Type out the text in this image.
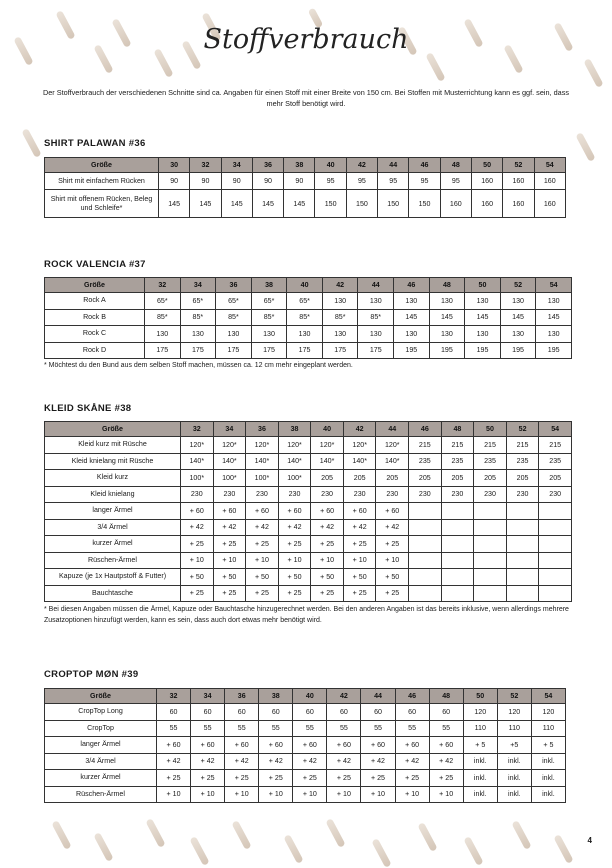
Stoffverbrauch
Der Stoffverbrauch der verschiedenen Schnitte sind ca. Angaben für einen Stoff mit einer Breite von 150 cm. Bei Stoffen mit Musterrichtung kann es ggf. sein, dass mehr Stoff benötigt wird.
SHIRT PALAWAN #36
Größe	30	32	34	36	38	40	42	44	46	48	50	52	54
Shirt mit einfachem Rücken	90	90	90	90	90	95	95	95	95	95	160	160	160
Shirt mit offenem Rücken, Beleg und Schleife*	145	145	145	145	145	150	150	150	150	160	160	160	160
ROCK VALENCIA #37
Größe	32	34	36	38	40	42	44	46	48	50	52	54
Rock A	65*	65*	65*	65*	65*	130	130	130	130	130	130	130
Rock B	85*	85*	85*	85*	85*	85*	85*	145	145	145	145	145
Rock C	130	130	130	130	130	130	130	130	130	130	130	130
Rock D	175	175	175	175	175	175	175	195	195	195	195	195
* Möchtest du den Bund aus dem selben Stoff machen, müssen ca. 12 cm mehr eingeplant werden.
KLEID SKÅNE #38
Größe	32	34	36	38	40	42	44	46	48	50	52	54
Kleid kurz mit Rüsche	120*	120*	120*	120*	120*	120*	120*	215	215	215	215	215
Kleid knielang mit Rüsche	140*	140*	140*	140*	140*	140*	140*	235	235	235	235	235
Kleid kurz	100*	100*	100*	100*	205	205	205	205	205	205	205	205
Kleid knielang	230	230	230	230	230	230	230	230	230	230	230	230
langer Ärmel	+ 60	+ 60	+ 60	+ 60	+ 60	+ 60	+ 60					
3/4 Ärmel	+ 42	+ 42	+ 42	+ 42	+ 42	+ 42	+ 42					
kurzer Ärmel	+ 25	+ 25	+ 25	+ 25	+ 25	+ 25	+ 25					
Rüschen-Ärmel	+ 10	+ 10	+ 10	+ 10	+ 10	+ 10	+ 10					
Kapuze (je 1x Hautpstoff & Futter)	+ 50	+ 50	+ 50	+ 50	+ 50	+ 50	+ 50					
Bauchtasche	+ 25	+ 25	+ 25	+ 25	+ 25	+ 25	+ 25					
* Bei diesen Angaben müssen die Ärmel, Kapuze oder Bauchtasche hinzugerechnet werden. Bei den anderen Angaben ist das bereits inklusive, wenn allerdings mehrere Zusatzoptionen hinzufügt werden, kann es sein, dass auch dort etwas mehr benötigt wird.
CROPTOP MØN #39
Größe	32	34	36	38	40	42	44	46	48	50	52	54
CropTop Long	60	60	60	60	60	60	60	60	60	120	120	120
CropTop	55	55	55	55	55	55	55	55	55	110	110	110
langer Ärmel	+ 60	+ 60	+ 60	+ 60	+ 60	+ 60	+ 60	+ 60	+ 60	+ 5	+5	+ 5
3/4 Ärmel	+ 42	+ 42	+ 42	+ 42	+ 42	+ 42	+ 42	+ 42	+ 42	inkl.	inkl.	inkl.
kurzer Ärmel	+ 25	+ 25	+ 25	+ 25	+ 25	+ 25	+ 25	+ 25	+ 25	inkl.	inkl.	inkl.
Rüschen-Ärmel	+ 10	+ 10	+ 10	+ 10	+ 10	+ 10	+ 10	+ 10	+ 10	inkl.	inkl.	inkl.
4
